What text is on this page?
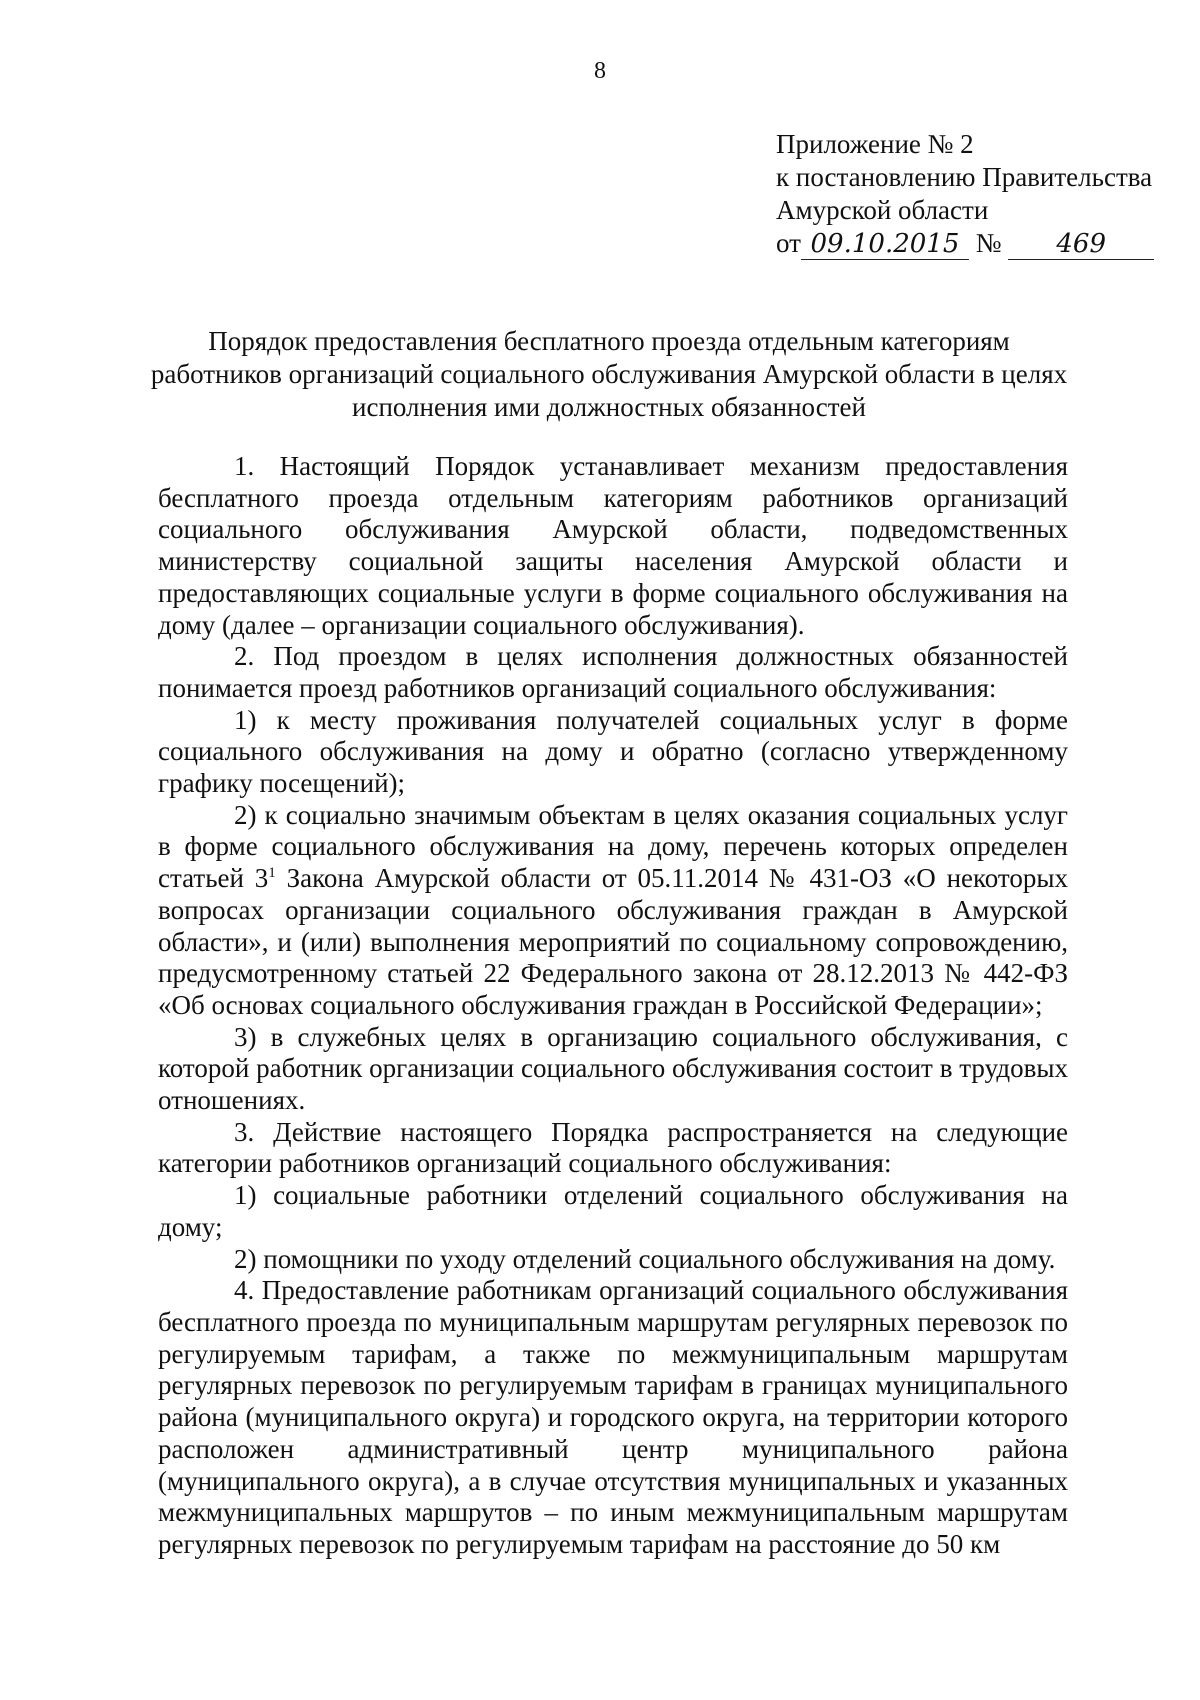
8
Приложение № 2
к постановлению Правительства
Амурской области
от 09.10.2015 № 469
Порядок предоставления бесплатного проезда отдельным категориям
работников организаций социального обслуживания Амурской области в целях
исполнения ими должностных обязанностей

1. Настоящий Порядок устанавливает механизм предоставления бесплатного проезда отдельным категориям работников организаций социального обслуживания Амурской области, подведомственных министерству социальной защиты населения Амурской области и предоставляющих социальные услуги в форме социального обслуживания на дому (далее – организации социального обслуживания).

2. Под проездом в целях исполнения должностных обязанностей понимается проезд работников организаций социального обслуживания:

1) к месту проживания получателей социальных услуг в форме социального обслуживания на дому и обратно (согласно утвержденному графику посещений);

2) к социально значимым объектам в целях оказания социальных услуг в форме социального обслуживания на дому, перечень которых определен статьей $3^1$ Закона Амурской области от 05.11.2014 № 431-ОЗ «О некоторых вопросах организации социального обслуживания граждан в Амурской области», и (или) выполнения мероприятий по социальному сопровождению, предусмотренному статьей 22 Федерального закона от 28.12.2013 № 442-ФЗ «Об основах социального обслуживания граждан в Российской Федерации»;

3) в служебных целях в организацию социального обслуживания, с которой работник организации социального обслуживания состоит в трудовых отношениях.

3. Действие настоящего Порядка распространяется на следующие категории работников организаций социального обслуживания:

1) социальные работники отделений социального обслуживания на дому;

2) помощники по уходу отделений социального обслуживания на дому.

4. Предоставление работникам организаций социального обслуживания бесплатного проезда по муниципальным маршрутам регулярных перевозок по регулируемым тарифам, а также по межмуниципальным маршрутам регулярных перевозок по регулируемым тарифам в границах муниципального района (муниципального округа) и городского округа, на территории которого расположен административный центр муниципального района (муниципального округа), а в случае отсутствия муниципальных и указанных межмуниципальных маршрутов – по иным межмуниципальным маршрутам регулярных перевозок по регулируемым тарифам на расстояние до 50 км
